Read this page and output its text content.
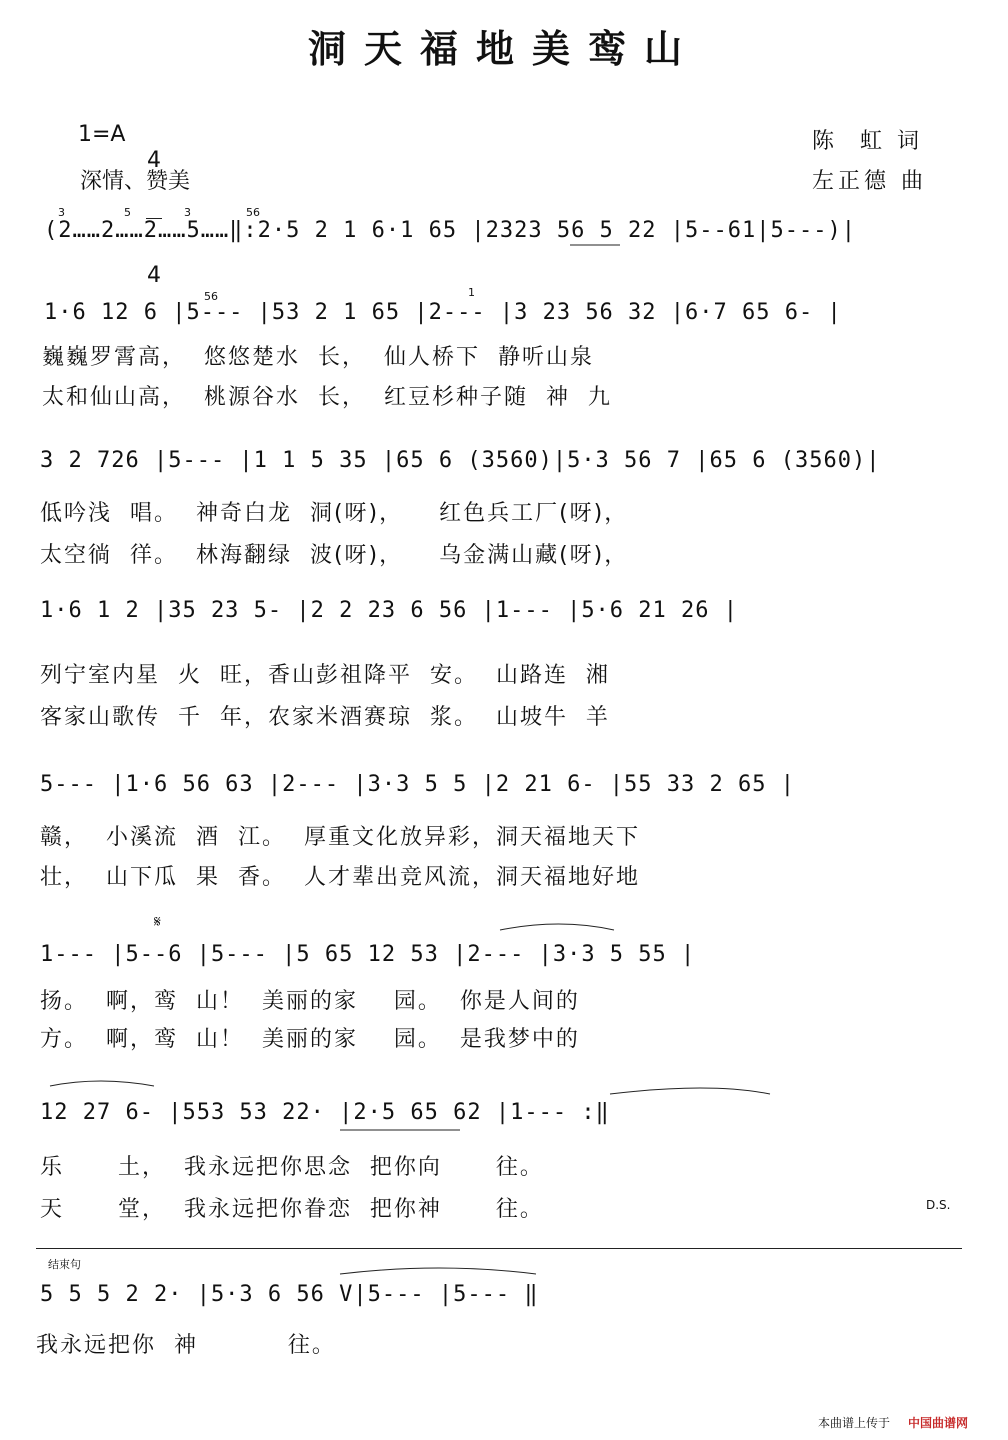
洞天福地美鸾山
1=A

4

4

深情、赞美
陈  虹 词
左正德 曲
3	5	3	56
(2……2……2……5……‖:2·5 2 1 6·1 65 |2323 56 5 22 |5--61|5---)|
56	1
1·6 12 6 |5--- |53 2 1 65 |2--- |3 23 56 32 |6·7 65 6- |
巍巍罗霄高，  悠悠楚水  长，  仙人桥下  静听山泉
太和仙山高，  桃源谷水  长，  红豆杉种子随  神  九
3 2 726 |5--- |1 1 5 35 |65 6 (3560)|5·3 56 7 |65 6 (3560)|
低吟浅  唱。  神奇白龙  洞(呀)，    红色兵工厂(呀)，
太空徜  徉。  林海翻绿  波(呀)，    乌金满山藏(呀)，
1·6 1 2 |35 23 5- |2 2 23 6 56 |1--- |5·6 21 26 |
列宁室内星  火  旺，香山彭祖降平  安。  山路连  湘
客家山歌传  千  年，农家米酒赛琼  浆。  山坡牛  羊
5--- |1·6 56 63 |2--- |3·3 5 5 |2 21 6- |55 33 2 65 |
赣，  小溪流  酒  江。  厚重文化放异彩，洞天福地天下
壮，  山下瓜  果  香。  人才辈出竞风流，洞天福地好地
𝄋
1--- |5--6 |5--- |5 65 12 53 |2--- |3·3 5 55 |
扬。  啊，鸾  山！  美丽的家    园。  你是人间的
方。  啊，鸾  山！  美丽的家    园。  是我梦中的
12 27 6- |553 53 22· |2·5 65 62 |1--- :‖
乐      土，  我永远把你思念  把你向      往。
天      堂，  我永远把你眷恋  把你神      往。	D.S.
结束句
5 5 5 2 2· |5·3 6 56 V|5--- |5--- ‖
我永远把你  神          往。
本曲谱上传于 中国曲谱网
